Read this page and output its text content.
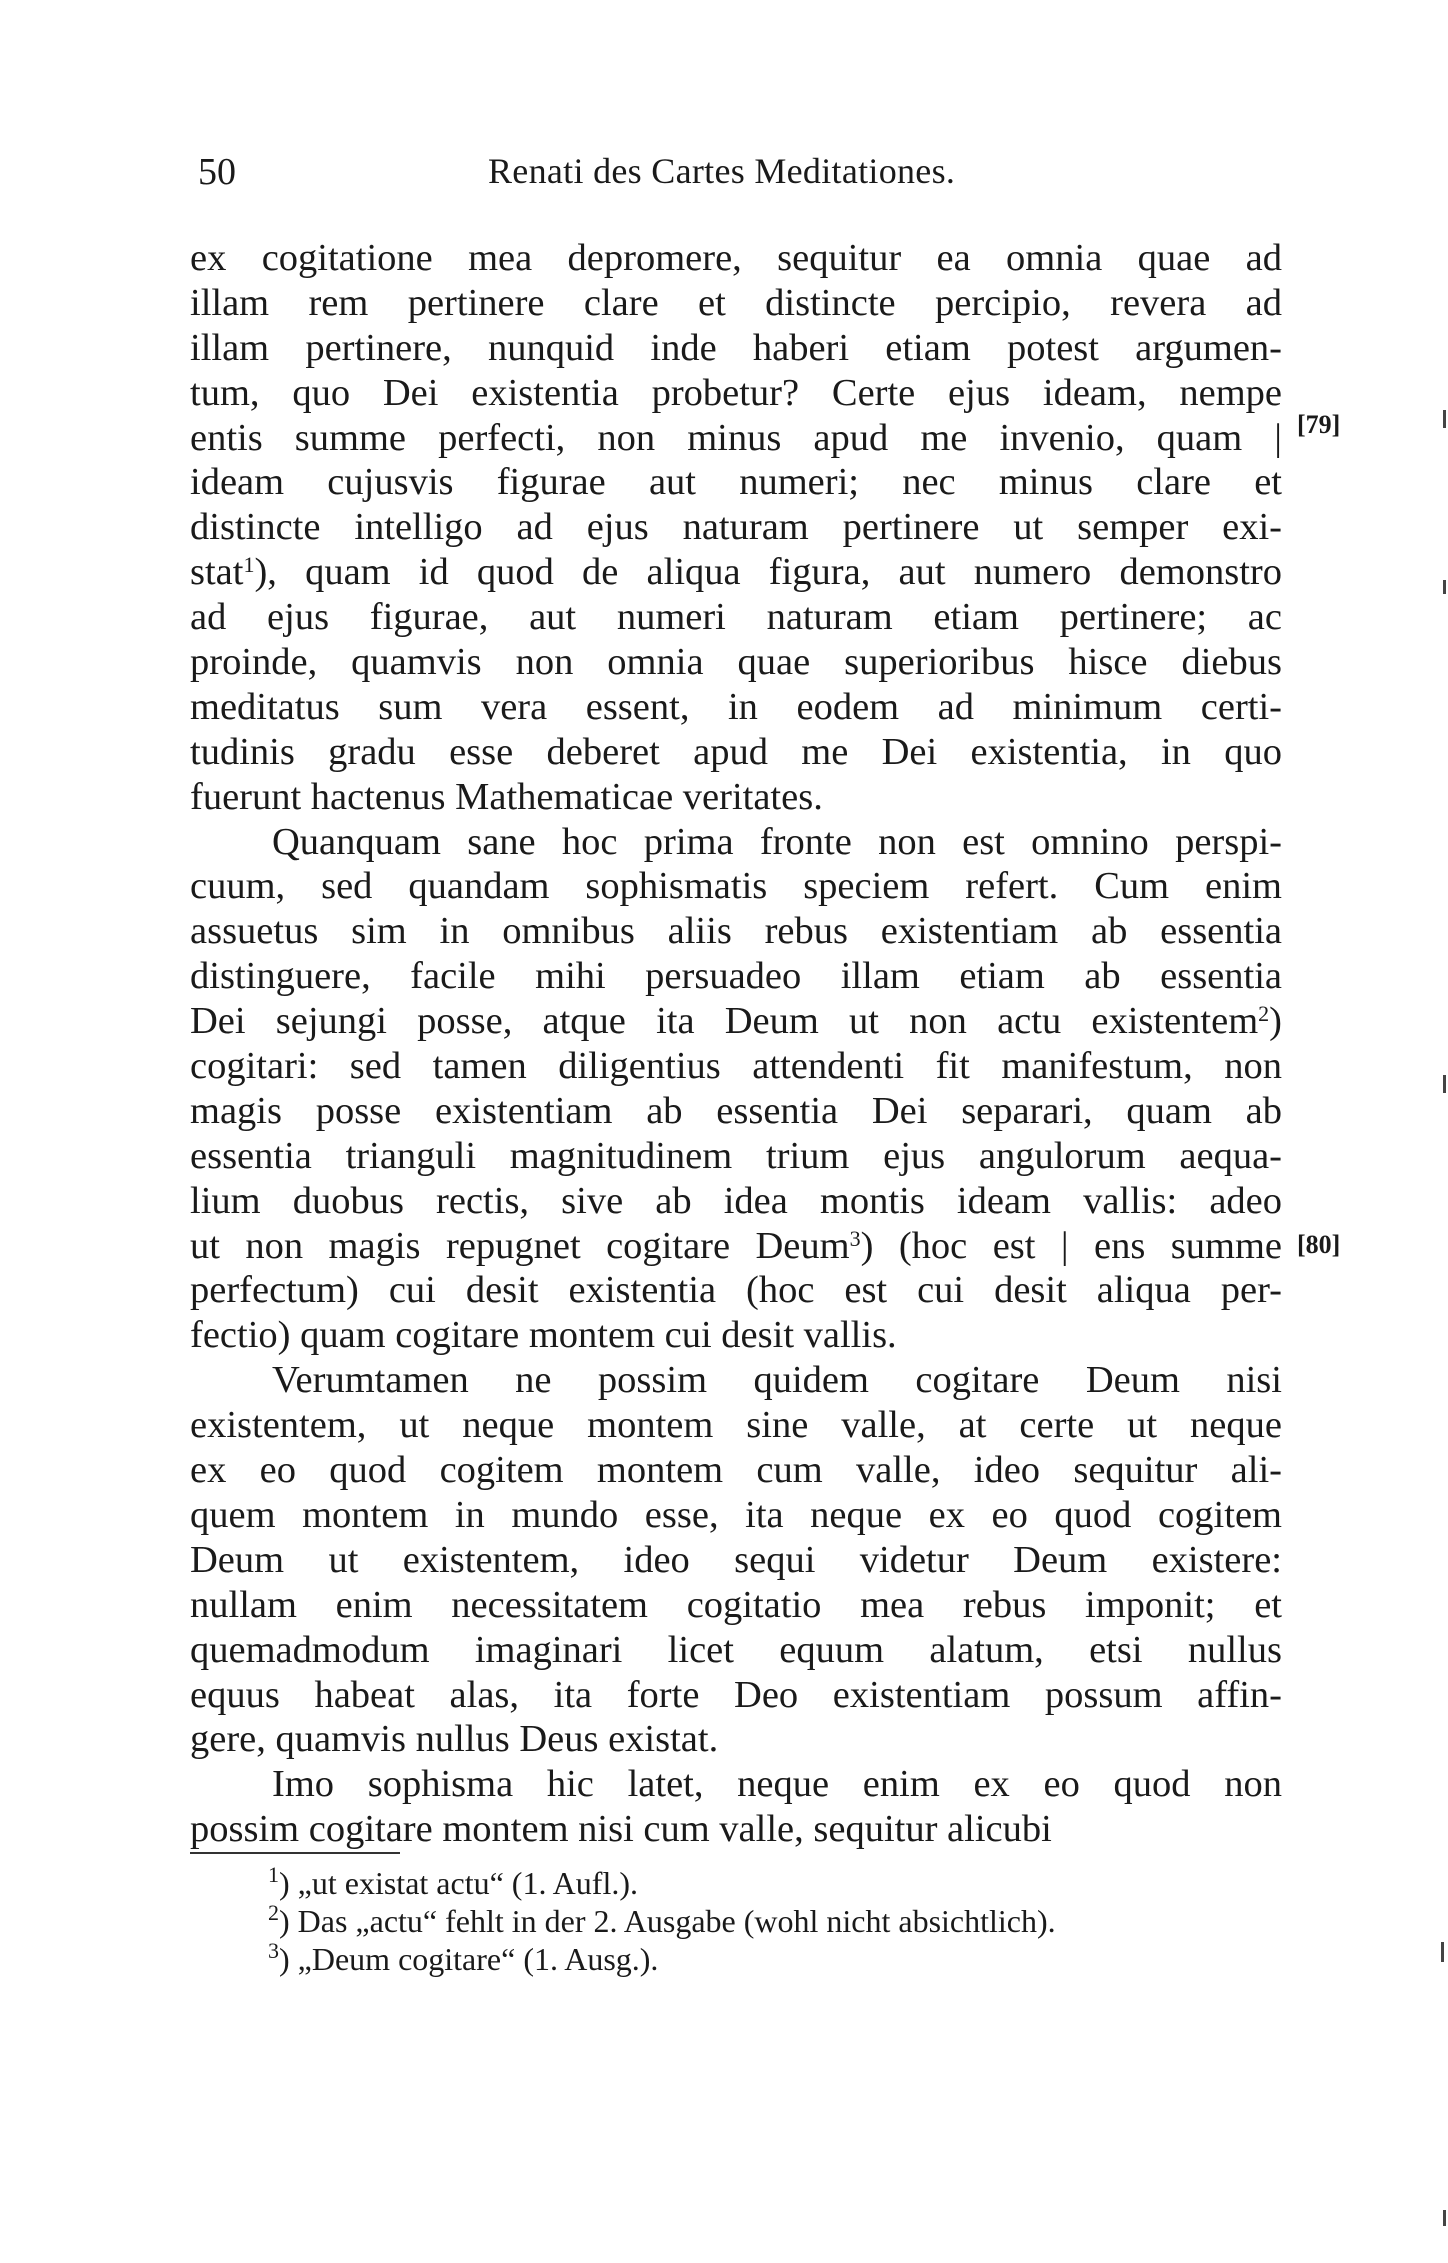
50	Renati des Cartes Meditationes.
ex cogitatione mea depromere, sequitur ea omnia quae ad
illam rem pertinere clare et distincte percipio, revera ad
illam pertinere, nunquid inde haberi etiam potest argumen-
tum, quo Dei existentia probetur? Certe ejus ideam, nempe
entis summe perfecti, non minus apud me invenio, quam |
ideam cujusvis figurae aut numeri; nec minus clare et
distincte intelligo ad ejus naturam pertinere ut semper exi-
stat$^1$), quam id quod de aliqua figura, aut numero demonstro
ad ejus figurae, aut numeri naturam etiam pertinere; ac
proinde, quamvis non omnia quae superioribus hisce diebus
meditatus sum vera essent, in eodem ad minimum certi-
tudinis gradu esse deberet apud me Dei existentia, in quo
fuerunt hactenus Mathematicae veritates.
Quanquam sane hoc prima fronte non est omnino perspi-
cuum, sed quandam sophismatis speciem refert. Cum enim
assuetus sim in omnibus aliis rebus existentiam ab essentia
distinguere, facile mihi persuadeo illam etiam ab essentia
Dei sejungi posse, atque ita Deum ut non actu existentem$^2$)
cogitari: sed tamen diligentius attendenti fit manifestum, non
magis posse existentiam ab essentia Dei separari, quam ab
essentia trianguli magnitudinem trium ejus angulorum aequa-
lium duobus rectis, sive ab idea montis ideam vallis: adeo
ut non magis repugnet cogitare Deum$^3$) (hoc est | ens summe
perfectum) cui desit existentia (hoc est cui desit aliqua per-
fectio) quam cogitare montem cui desit vallis.
Verumtamen ne possim quidem cogitare Deum nisi
existentem, ut neque montem sine valle, at certe ut neque
ex eo quod cogitem montem cum valle, ideo sequitur ali-
quem montem in mundo esse, ita neque ex eo quod cogitem
Deum ut existentem, ideo sequi videtur Deum existere:
nullam enim necessitatem cogitatio mea rebus imponit; et
quemadmodum imaginari licet equum alatum, etsi nullus
equus habeat alas, ita forte Deo existentiam possum affin-
gere, quamvis nullus Deus existat.
Imo sophisma hic latet, neque enim ex eo quod non
possim cogitare montem nisi cum valle, sequitur alicubi
[79]
[80]
$^1$) „ut existat actu“ (1. Aufl.).
$^2$) Das „actu“ fehlt in der 2. Ausgabe (wohl nicht absichtlich).
$^3$) „Deum cogitare“ (1. Ausg.).
